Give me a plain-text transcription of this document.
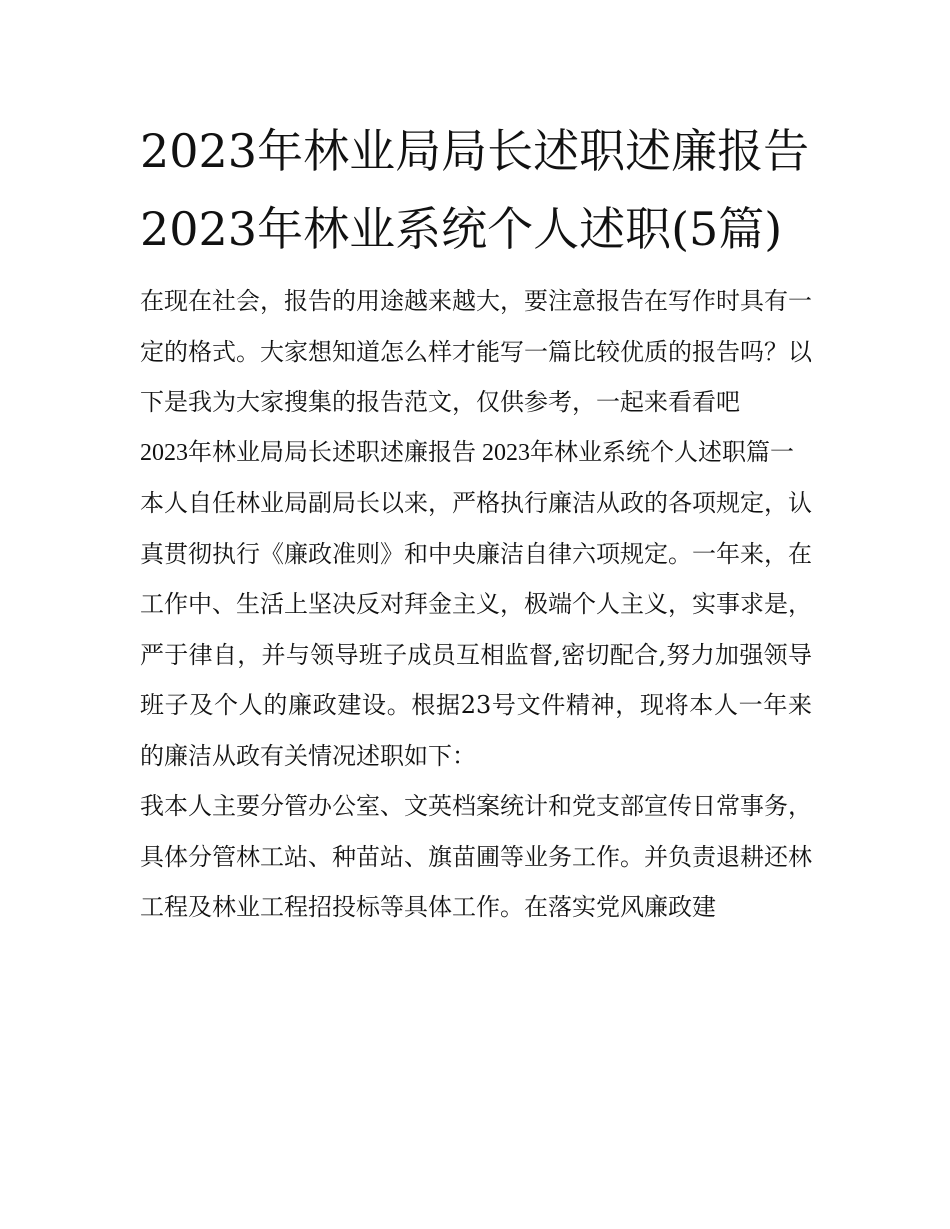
2023年林业局局长述职述廉报告 2023年林业系统个人述职(5篇)

在现在社会，报告的用途越来越大，要注意报告在写作时具有一定的格式。大家想知道怎么样才能写一篇比较优质的报告吗？以下是我为大家搜集的报告范文，仅供参考，一起来看看吧

2023年林业局局长述职述廉报告 2023年林业系统个人述职篇一

本人自任林业局副局长以来，严格执行廉洁从政的各项规定，认真贯彻执行《廉政准则》和中央廉洁自律六项规定。一年来，在工作中、生活上坚决反对拜金主义，极端个人主义，实事求是，严于律自，并与领导班子成员互相监督,密切配合,努力加强领导班子及个人的廉政建设。根据23号文件精神，现将本人一年来的廉洁从政有关情况述职如下：

我本人主要分管办公室、文英档案统计和党支部宣传日常事务，具体分管林工站、种苗站、旗苗圃等业务工作。并负责退耕还林工程及林业工程招投标等具体工作。在落实党风廉政建
